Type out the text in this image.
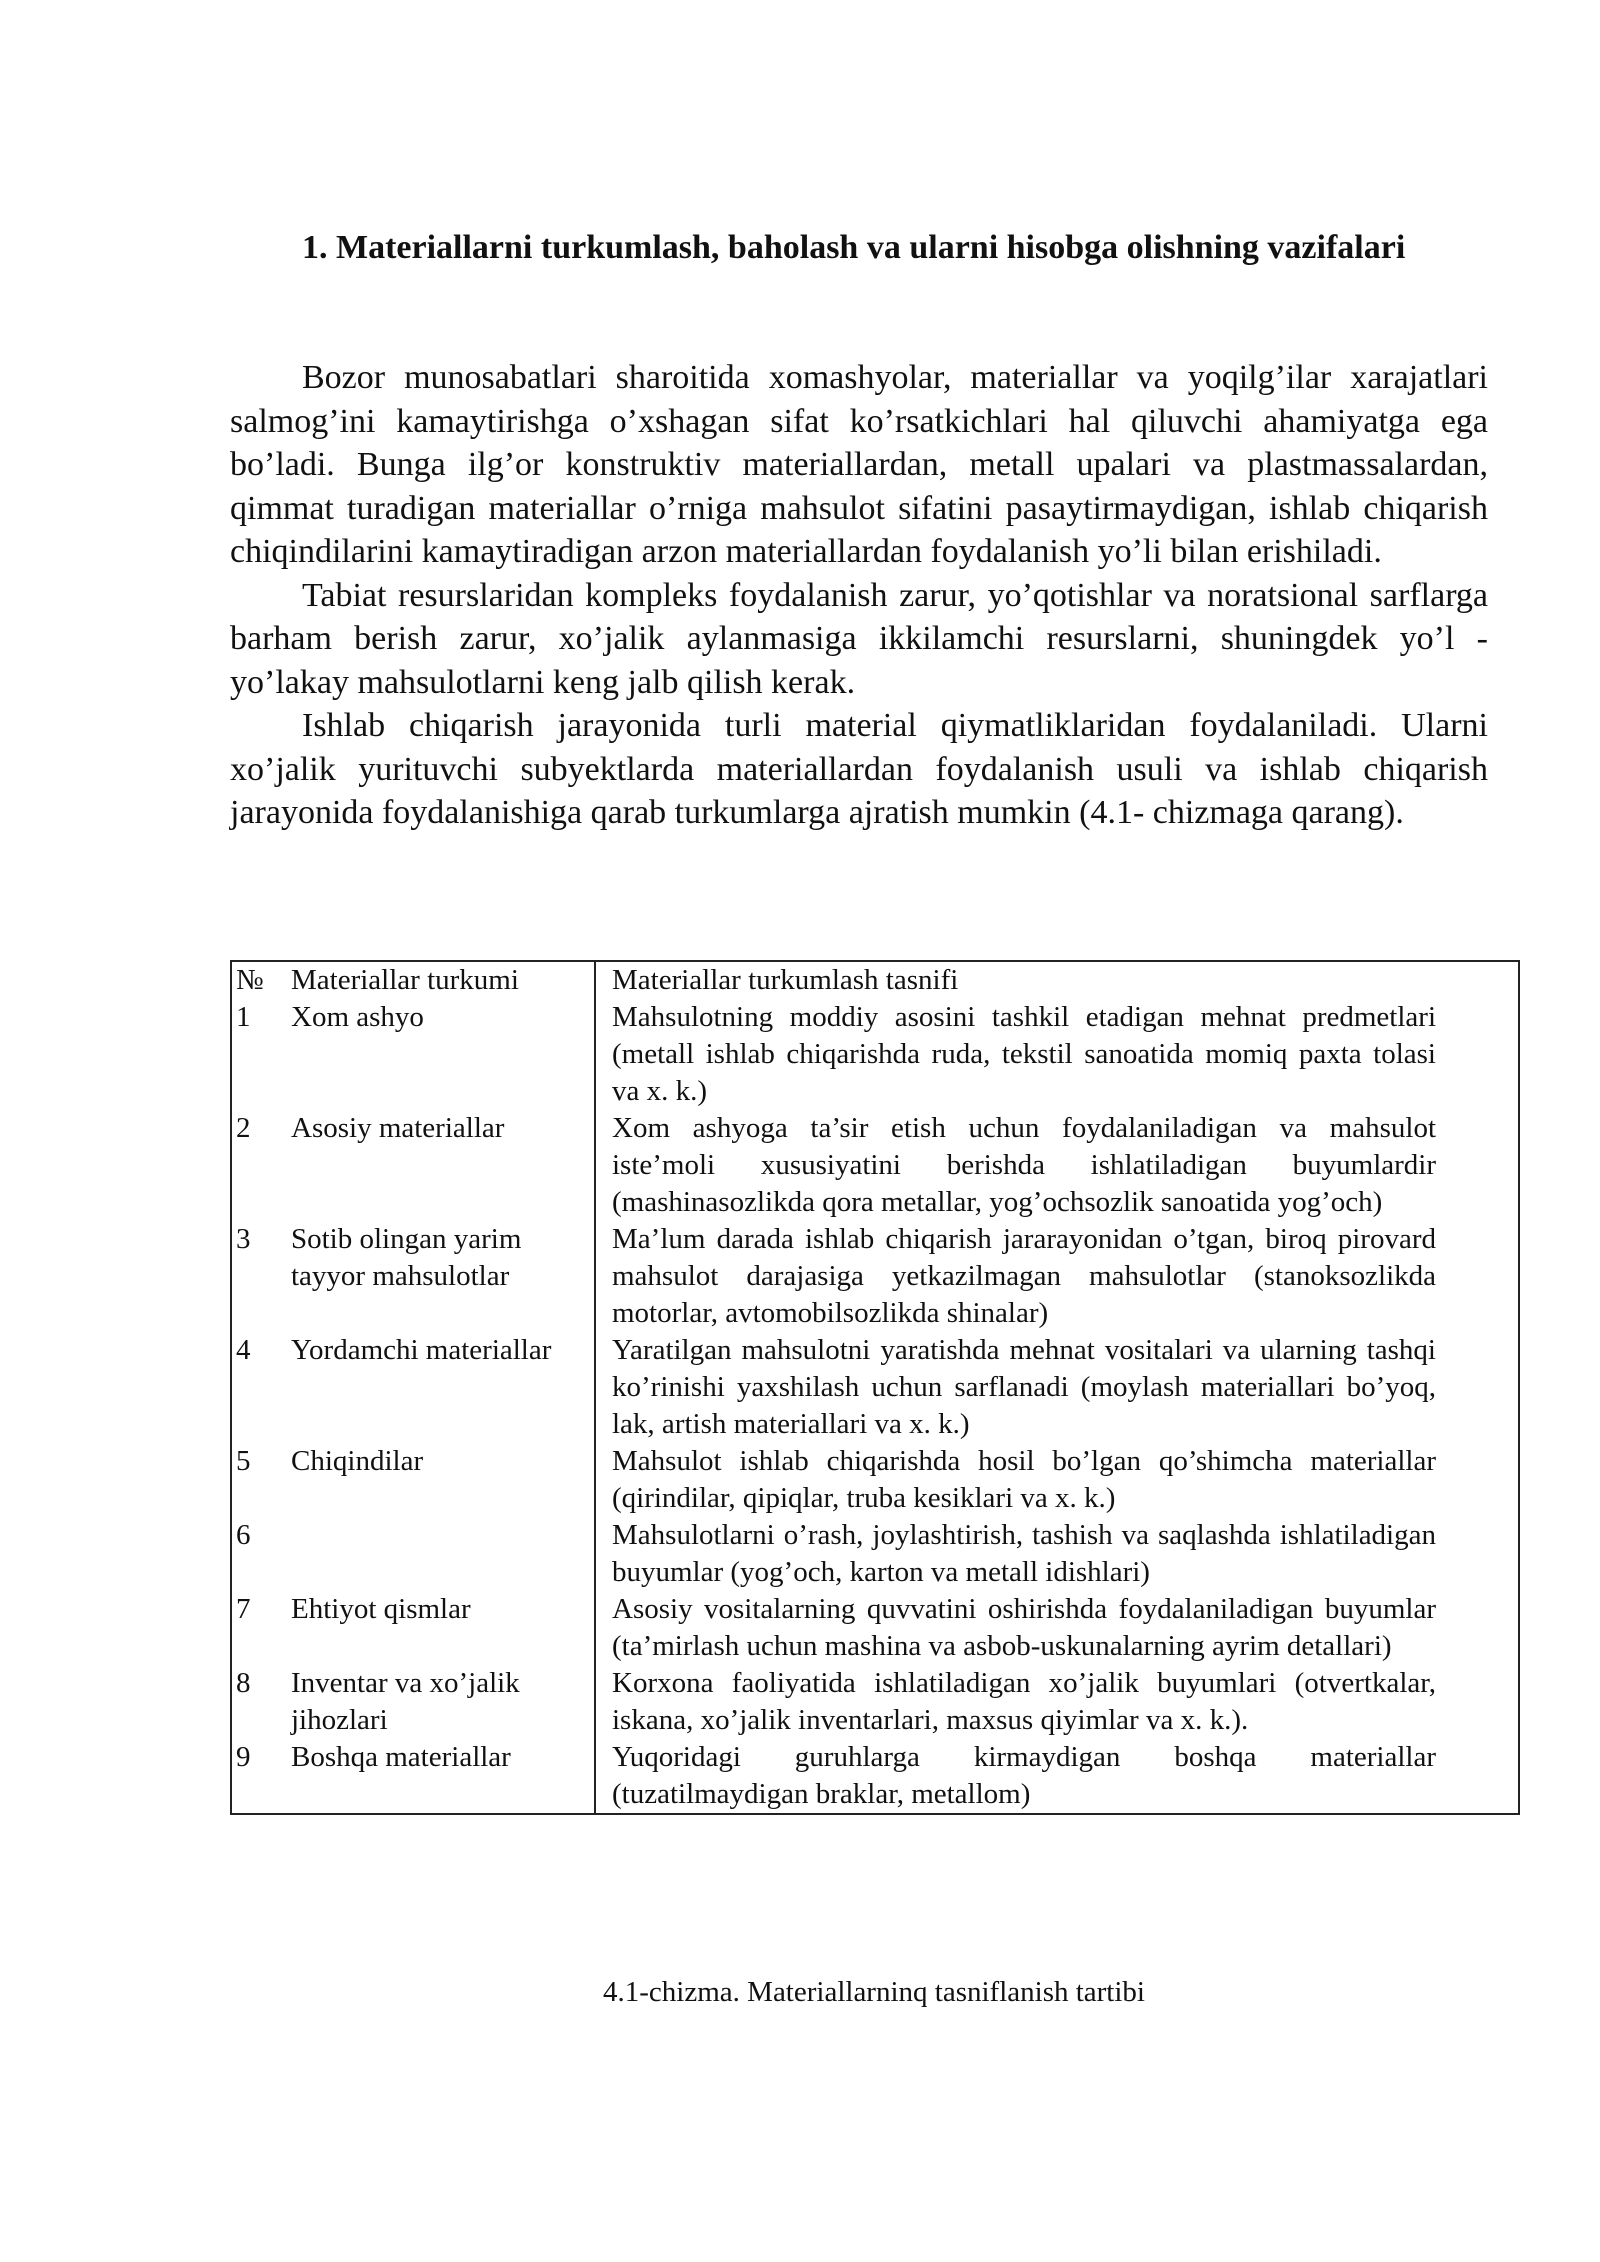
1. Materiallarni turkumlash, baholash va ularni hisobga olishning vazifalari

Bozor munosabatlari sharoitida xomashyolar, materiallar va yoqilg’ilar xarajatlari salmog’ini kamaytirishga o’xshagan sifat ko’rsatkichlari hal qiluvchi ahamiyatga ega bo’ladi. Bunga ilg’or konstruktiv materiallardan, metall upalari va plastmassalardan, qimmat turadigan materiallar o’rniga mahsulot sifatini pasaytirmaydigan, ishlab chiqarish chiqindilarini kamaytiradigan arzon materiallardan foydalanish yo’li bilan erishiladi.

Tabiat resurslaridan kompleks foydalanish zarur, yo’qotishlar va noratsional sarflarga barham berish zarur, xo’jalik aylanmasiga ikkilamchi resurslarni, shuningdek yo’l - yo’lakay mahsulotlarni keng jalb qilish kerak.

Ishlab chiqarish jarayonida turli material qiymatliklaridan foydalaniladi. Ularni xo’jalik yurituvchi subyektlarda materiallardan foydalanish usuli va ishlab chiqarish jarayonida foydalanishiga qarab turkumlarga ajratish mumkin (4.1- chizmaga qarang).

№	Materiallar turkumi	Materiallar turkumlash tasnifi
1	Xom ashyo	Mahsulotning moddiy asosini tashkil etadigan mehnat predmetlari (metall ishlab chiqarishda ruda, tekstil sanoatida momiq paxta tolasi va x. k.)
2	Asosiy materiallar	Xom ashyoga ta’sir etish uchun foydalaniladigan va mahsulot iste’moli xususiyatini berishda ishlatiladigan buyumlardir (mashinasozlikda qora metallar, yog’ochsozlik sanoatida yog’och)
3	Sotib olingan yarim tayyor mahsulotlar	Ma’lum darada ishlab chiqarish jararayonidan o’tgan, biroq pirovard mahsulot darajasiga yetkazilmagan mahsulotlar (stanoksozlikda motorlar, avtomobilsozlikda shinalar)
4	Yordamchi materiallar	Yaratilgan mahsulotni yaratishda mehnat vositalari va ularning tashqi ko’rinishi yaxshilash uchun sarflanadi (moylash materiallari bo’yoq, lak, artish materiallari va x. k.)
5	Chiqindilar	Mahsulot ishlab chiqarishda hosil bo’lgan qo’shimcha materiallar (qirindilar, qipiqlar, truba kesiklari va x. k.)
6		Mahsulotlarni o’rash, joylashtirish, tashish va saqlashda ishlatiladigan buyumlar (yog’och, karton va metall idishlari)
7	Ehtiyot qismlar	Asosiy vositalarning quvvatini oshirishda foydalaniladigan buyumlar (ta’mirlash uchun mashina va asbob-uskunalarning ayrim detallari)
8	Inventar va xo’jalik jihozlari	Korxona faoliyatida ishlatiladigan xo’jalik buyumlari (otvertkalar, iskana, xo’jalik inventarlari, maxsus qiyimlar va x. k.).
9	Boshqa materiallar	Yuqoridagi guruhlarga kirmaydigan boshqa materiallar (tuzatilmaydigan braklar, metallom)
4.1-chizma. Materiallarninq tasniflanish tartibi
